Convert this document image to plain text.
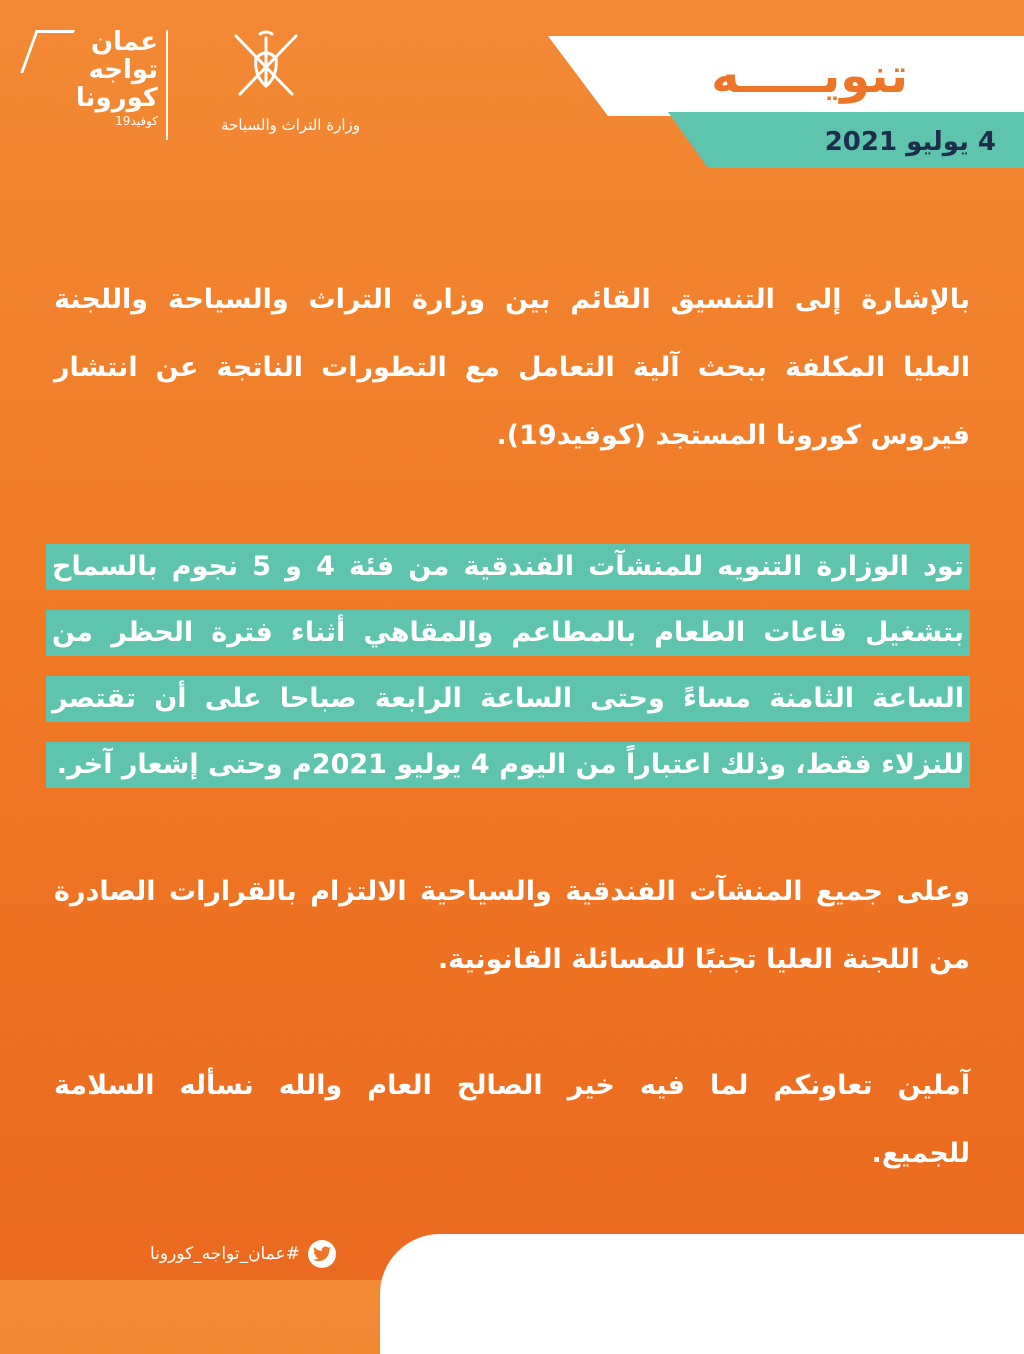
تنويـــــه
4 يوليو 2021
عمان
تواجه
كورونا
كوفيد19	وزارة التراث والسياحة
بالإشارة إلى التنسيق القائم بين وزارة التراث والسياحة واللجنة
العليا المكلفة ببحث آلية التعامل مع التطورات الناتجة عن انتشار
فيروس كورونا المستجد (كوفيد19).
تود الوزارة التنويه للمنشآت الفندقية من فئة 4 و 5 نجوم بالسماح
بتشغيل قاعات الطعام بالمطاعم والمقاهي أثناء فترة الحظر من
الساعة الثامنة مساءً وحتى الساعة الرابعة صباحا على أن تقتصر
للنزلاء فقط، وذلك اعتباراً من اليوم 4 يوليو 2021م وحتى إشعار آخر.
وعلى جميع المنشآت الفندقية والسياحية الالتزام بالقرارات الصادرة
من اللجنة العليا تجنبًا للمسائلة القانونية.
آملين تعاونكم لما فيه خير الصالح العام والله نسأله السلامة
للجميع.
#عمان_تواجه_كورونا
